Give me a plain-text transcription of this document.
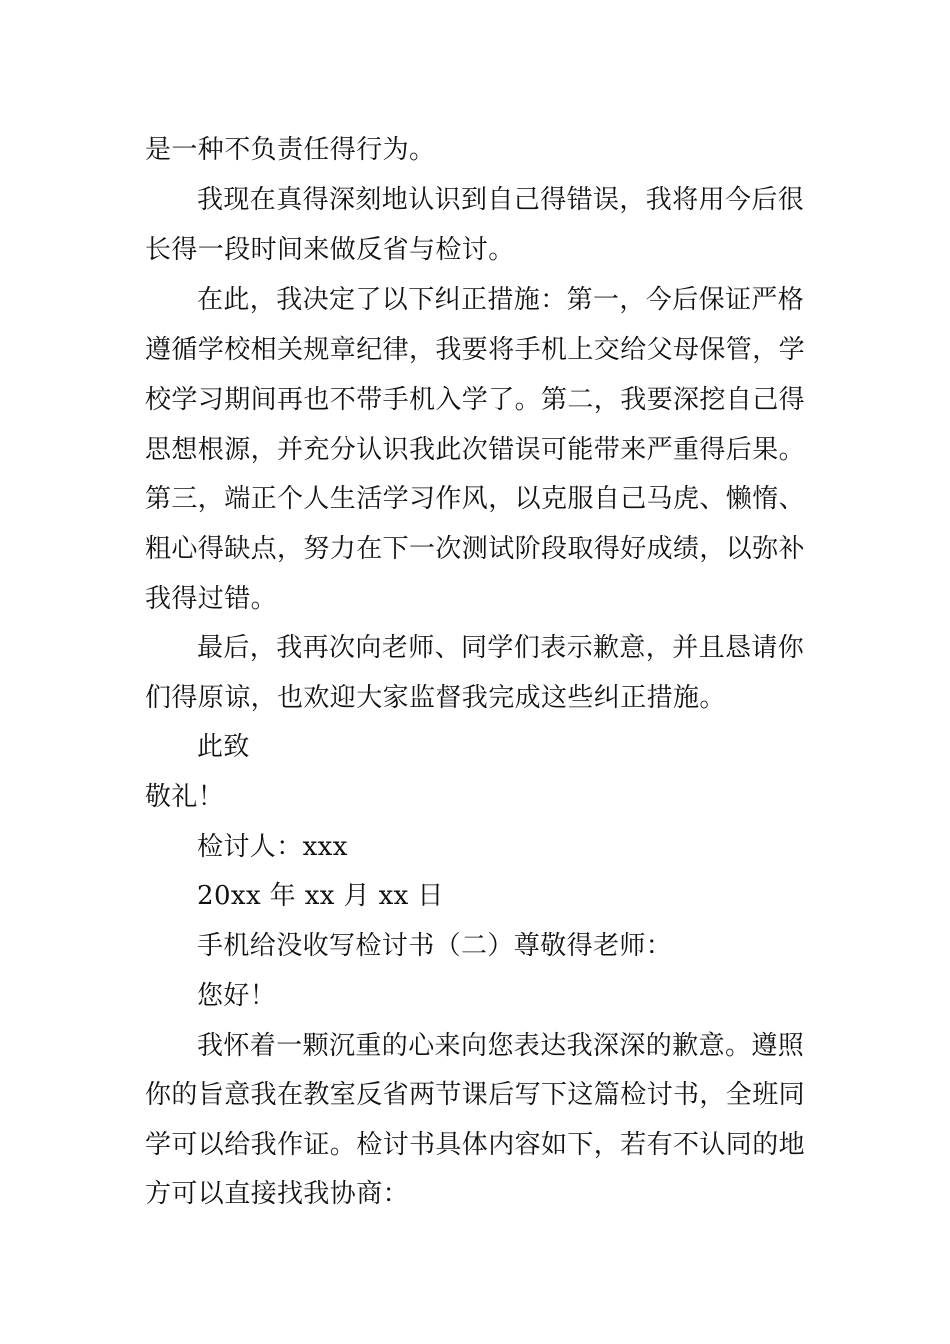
是一种不负责任得行为。
我现在真得深刻地认识到自己得错误，我将用今后很
长得一段时间来做反省与检讨。
在此，我决定了以下纠正措施：第一，今后保证严格
遵循学校相关规章纪律，我要将手机上交给父母保管，学
校学习期间再也不带手机入学了。第二，我要深挖自己得
思想根源，并充分认识我此次错误可能带来严重得后果。
第三，端正个人生活学习作风，以克服自己马虎、懒惰、
粗心得缺点，努力在下一次测试阶段取得好成绩，以弥补
我得过错。
最后，我再次向老师、同学们表示歉意，并且恳请你
们得原谅，也欢迎大家监督我完成这些纠正措施。
此致
敬礼！
检讨人：xxx
20xx 年 xx 月 xx 日
手机给没收写检讨书（二）尊敬得老师：
您好！
我怀着一颗沉重的心来向您表达我深深的歉意。遵照
你的旨意我在教室反省两节课后写下这篇检讨书，全班同
学可以给我作证。检讨书具体内容如下，若有不认同的地
方可以直接找我协商：
